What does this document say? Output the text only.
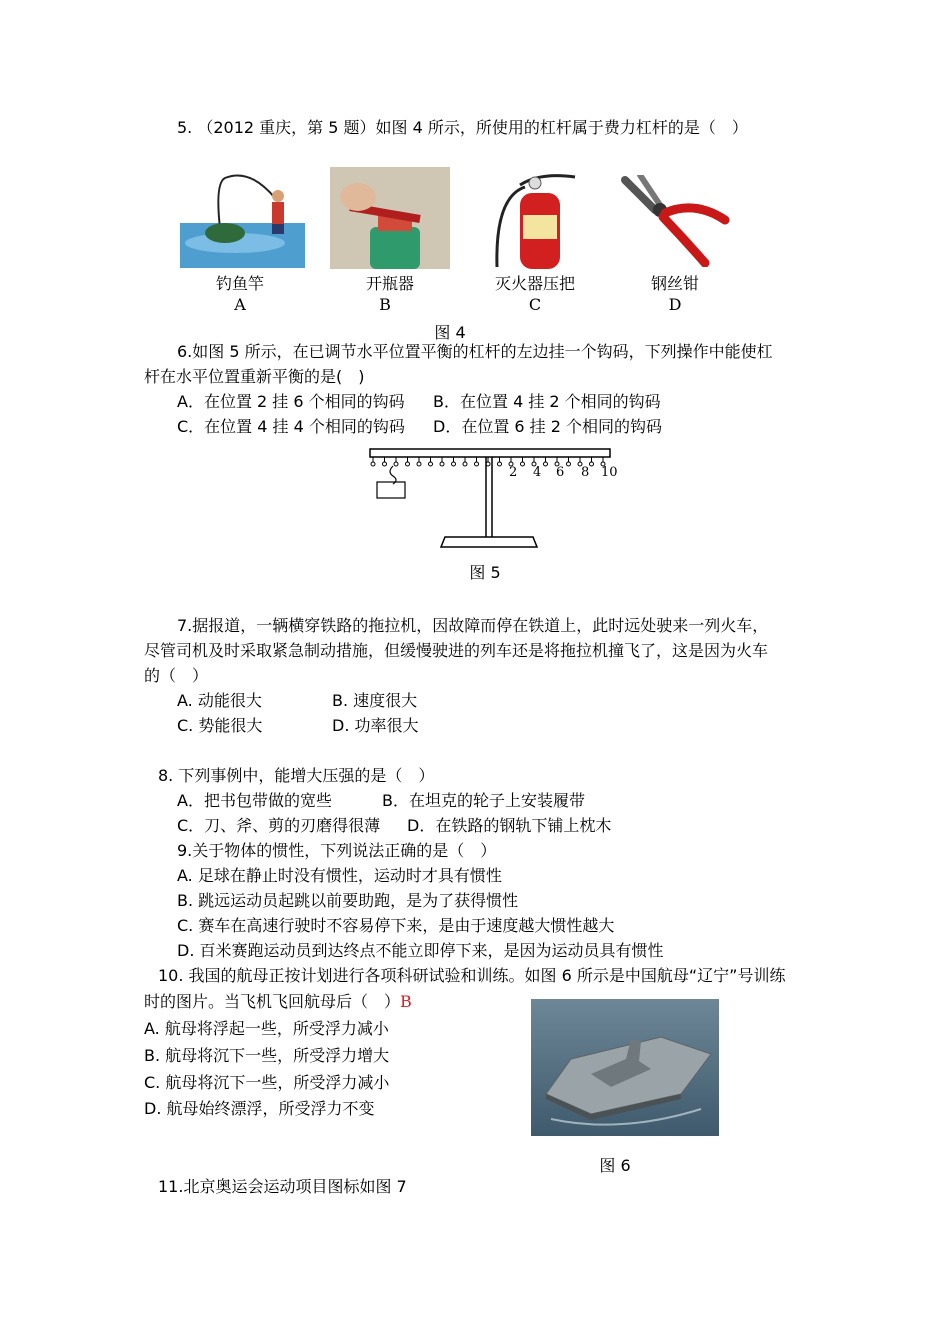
5. （2012 重庆，第 5 题）如图 4 所示，所使用的杠杆属于费力杠杆的是（　）
钓鱼竿
A
开瓶器
B
灭火器压把
C
钢丝钳
D
图 4
6.如图 5 所示，在已调节水平位置平衡的杠杆的左边挂一个钩码，下列操作中能使杠
杆在水平位置重新平衡的是(　)
A．在位置 2 挂 6 个相同的钩码 B．在位置 4 挂 2 个相同的钩码
C．在位置 4 挂 4 个相同的钩码 D．在位置 6 挂 2 个相同的钩码
2 4 6 8 10
图 5
7.据报道，一辆横穿铁路的拖拉机，因故障而停在铁道上，此时远处驶来一列火车，
尽管司机及时采取紧急制动措施，但缓慢驶进的列车还是将拖拉机撞飞了，这是因为火车
的（　）
A. 动能很大	B. 速度很大
C. 势能很大	D. 功率很大
8. 下列事例中，能增大压强的是（　）
A．把书包带做的宽些	B．在坦克的轮子上安装履带
C．刀、斧、剪的刃磨得很薄 D．在铁路的钢轨下铺上枕木
9.关于物体的惯性，下列说法正确的是（　）
A. 足球在静止时没有惯性，运动时才具有惯性
B. 跳远运动员起跳以前要助跑，是为了获得惯性
C. 赛车在高速行驶时不容易停下来，是由于速度越大惯性越大
D. 百米赛跑运动员到达终点不能立即停下来，是因为运动员具有惯性
10. 我国的航母正按计划进行各项科研试验和训练。如图 6 所示是中国航母“辽宁”号训练
时的图片。当飞机飞回航母后（　）B
A. 航母将浮起一些，所受浮力减小
B. 航母将沉下一些，所受浮力增大
C. 航母将沉下一些，所受浮力减小
D. 航母始终漂浮，所受浮力不变
图 6
11.北京奥运会运动项目图标如图 7
